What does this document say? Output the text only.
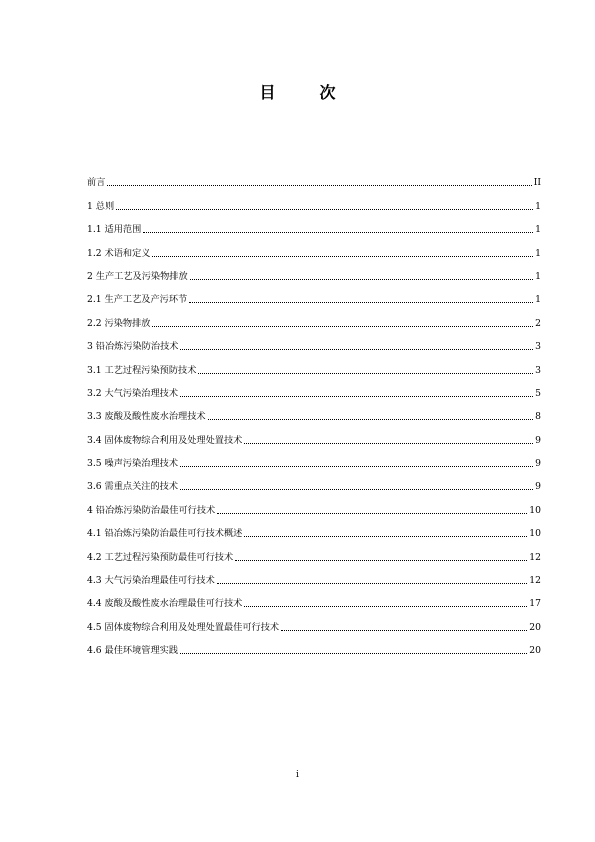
目	次
前言	II
1 总则	1
1.1 适用范围	1
1.2 术语和定义	1
2 生产工艺及污染物排放	1
2.1 生产工艺及产污环节	1
2.2 污染物排放	2
3 铅冶炼污染防治技术	3
3.1 工艺过程污染预防技术	3
3.2 大气污染治理技术	5
3.3 废酸及酸性废水治理技术	8
3.4 固体废物综合利用及处理处置技术	9
3.5 噪声污染治理技术	9
3.6 需重点关注的技术	9
4 铅冶炼污染防治最佳可行技术	10
4.1 铅冶炼污染防治最佳可行技术概述	10
4.2 工艺过程污染预防最佳可行技术	12
4.3 大气污染治理最佳可行技术	12
4.4 废酸及酸性废水治理最佳可行技术	17
4.5 固体废物综合利用及处理处置最佳可行技术	20
4.6 最佳环境管理实践	20
i
